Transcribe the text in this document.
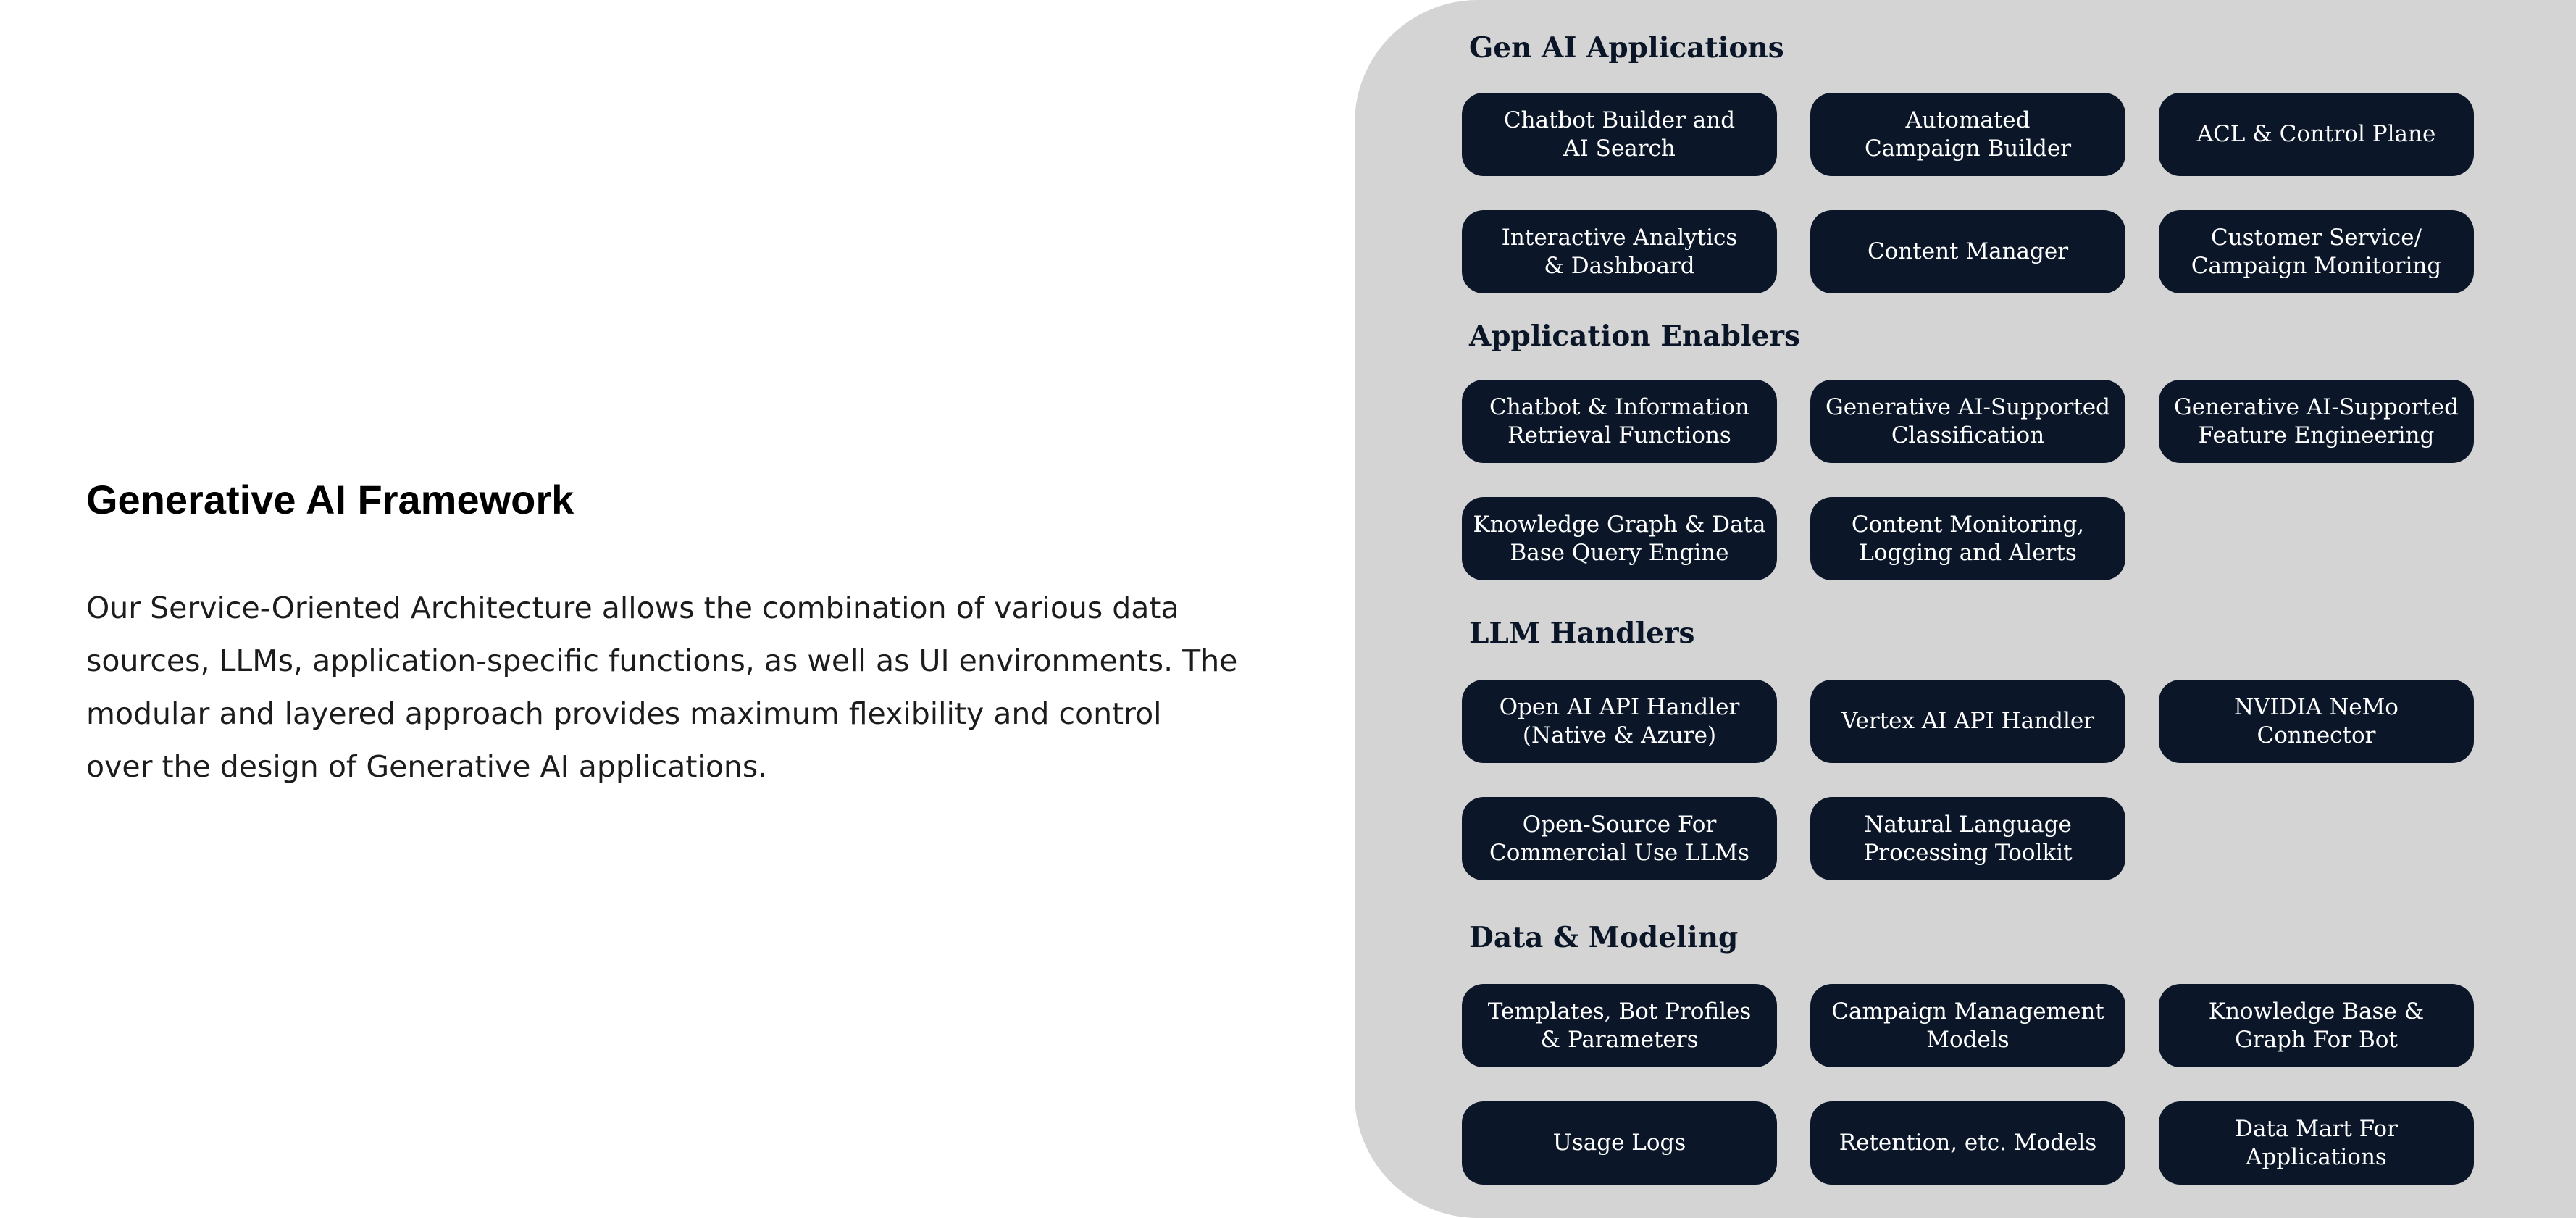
Generative AI Framework
Our Service-Oriented Architecture allows the combination of various data
sources, LLMs, application-specific functions, as well as UI environments. The
modular and layered approach provides maximum flexibility and control
over the design of Generative AI applications.
Gen AI Applications
Chatbot Builder and
AI Search
Automated
Campaign Builder
ACL & Control Plane
Interactive Analytics
& Dashboard
Content Manager
Customer Service/
Campaign Monitoring
Application Enablers
Chatbot & Information
Retrieval Functions
Generative AI-Supported
Classification
Generative AI-Supported
Feature Engineering
Knowledge Graph & Data
Base Query Engine
Content Monitoring,
Logging and Alerts
LLM Handlers
Open AI API Handler
(Native & Azure)
Vertex AI API Handler
NVIDIA NeMo
Connector
Open-Source For
Commercial Use LLMs
Natural Language
Processing Toolkit
Data & Modeling
Templates, Bot Profiles
& Parameters
Campaign Management
Models
Knowledge Base &
Graph For Bot
Usage Logs	Retention, etc. Models
Data Mart For
Applications
